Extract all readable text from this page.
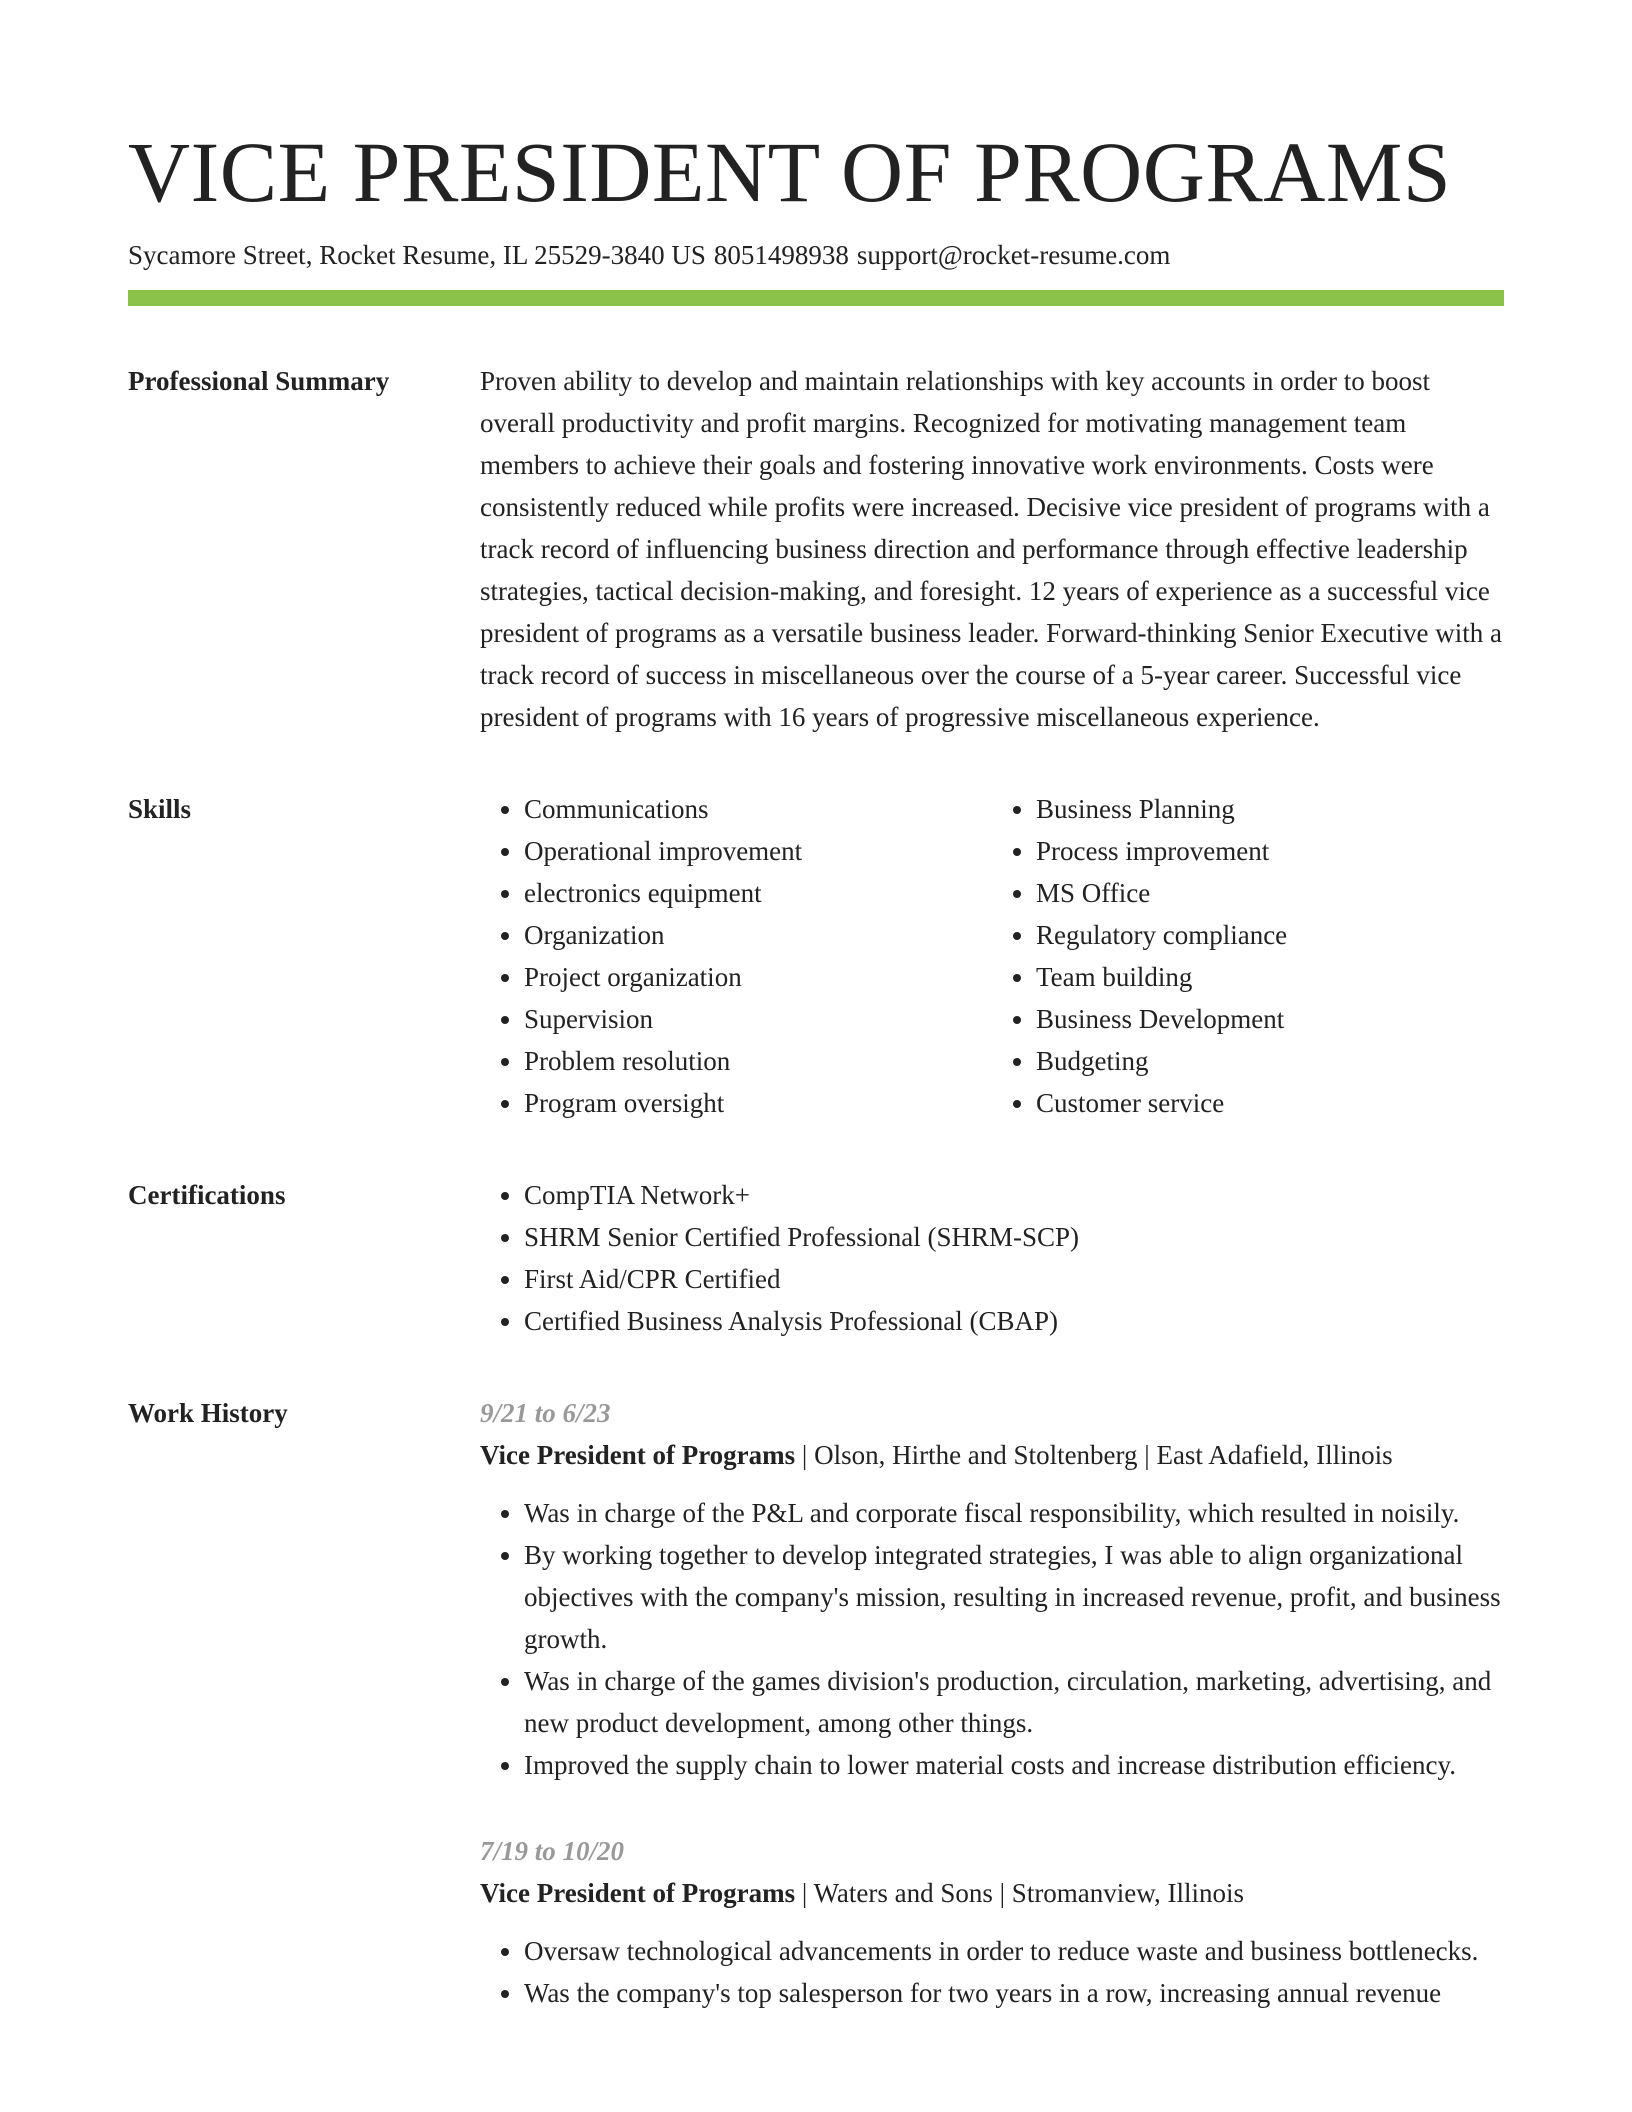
VICE PRESIDENT OF PROGRAMS
Sycamore Street, Rocket Resume, IL 25529-3840 US 8051498938 support@rocket-resume.com
Professional Summary	Proven ability to develop and maintain relationships with key accounts in order to boost overall productivity and profit margins. Recognized for motivating management team members to achieve their goals and fostering innovative work environments. Costs were consistently reduced while profits were increased. Decisive vice president of programs with a track record of influencing business direction and performance through effective leadership strategies, tactical decision-making, and foresight. 12 years of experience as a successful vice president of programs as a versatile business leader. Forward-thinking Senior Executive with a track record of success in miscellaneous over the course of a 5-year career. Successful vice president of programs with 16 years of progressive miscellaneous experience.

Skills	• Communications
• Operational improvement
• electronics equipment
• Organization
• Project organization
• Supervision
• Problem resolution
• Program oversight
• Business Planning
• Process improvement
• MS Office
• Regulatory compliance
• Team building
• Business Development
• Budgeting
• Customer service
Certifications	• CompTIA Network+
• SHRM Senior Certified Professional (SHRM-SCP)
• First Aid/CPR Certified
• Certified Business Analysis Professional (CBAP)
Work History	9/21 to 6/23
Vice President of Programs | Olson, Hirthe and Stoltenberg | East Adafield, Illinois
• Was in charge of the P&L and corporate fiscal responsibility, which resulted in noisily.
• By working together to develop integrated strategies, I was able to align organizational objectives with the company's mission, resulting in increased revenue, profit, and business growth.
• Was in charge of the games division's production, circulation, marketing, advertising, and new product development, among other things.
• Improved the supply chain to lower material costs and increase distribution efficiency.
7/19 to 10/20
Vice President of Programs | Waters and Sons | Stromanview, Illinois
• Oversaw technological advancements in order to reduce waste and business bottlenecks.
• Was the company's top salesperson for two years in a row, increasing annual revenue
